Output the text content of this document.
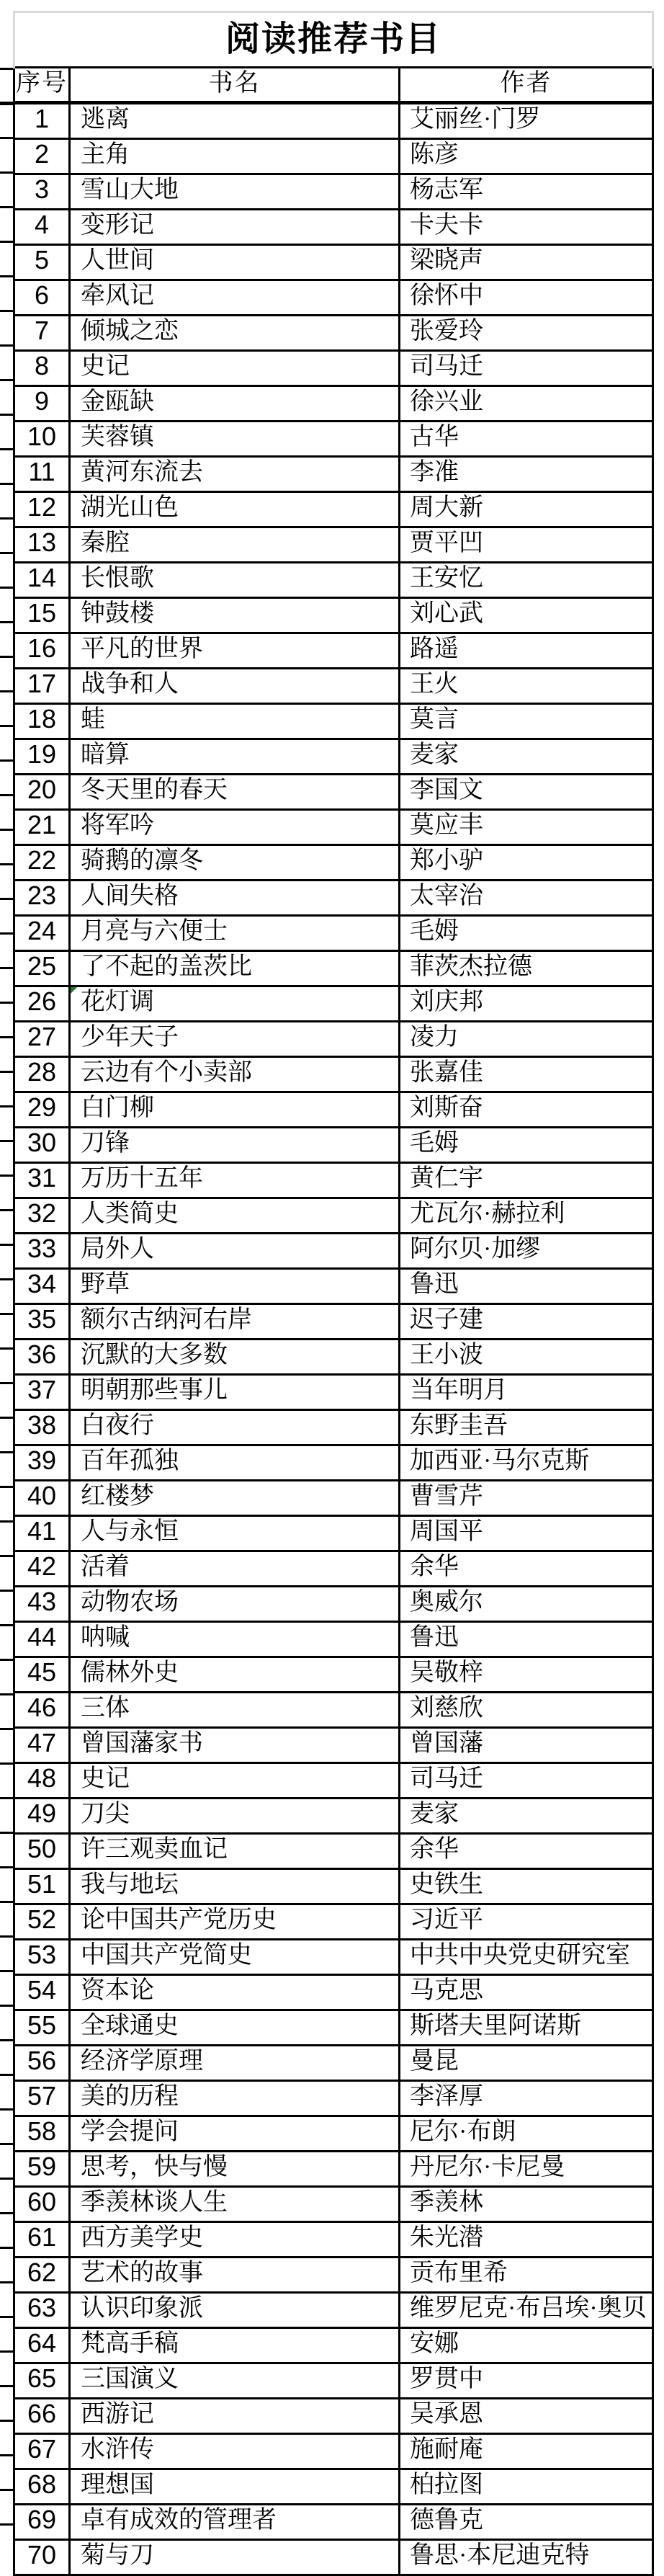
阅读推荐书目		
序号	书名	作者
1	逃离	艾丽丝·门罗
2	主角	陈彦
3	雪山大地	杨志军
4	变形记	卡夫卡
5	人世间	梁晓声
6	牵风记	徐怀中
7	倾城之恋	张爱玲
8	史记	司马迁
9	金瓯缺	徐兴业
10	芙蓉镇	古华
11	黄河东流去	李准
12	湖光山色	周大新
13	秦腔	贾平凹
14	长恨歌	王安忆
15	钟鼓楼	刘心武
16	平凡的世界	路遥
17	战争和人	王火
18	蛙	莫言
19	暗算	麦家
20	冬天里的春天	李国文
21	将军吟	莫应丰
22	骑鹅的凛冬	郑小驴
23	人间失格	太宰治
24	月亮与六便士	毛姆
25	了不起的盖茨比	菲茨杰拉德
26	花灯调	刘庆邦
27	少年天子	凌力
28	云边有个小卖部	张嘉佳
29	白门柳	刘斯奋
30	刀锋	毛姆
31	万历十五年	黄仁宇
32	人类简史	尤瓦尔·赫拉利
33	局外人	阿尔贝·加缪
34	野草	鲁迅
35	额尔古纳河右岸	迟子建
36	沉默的大多数	王小波
37	明朝那些事儿	当年明月
38	白夜行	东野圭吾
39	百年孤独	加西亚·马尔克斯
40	红楼梦	曹雪芹
41	人与永恒	周国平
42	活着	余华
43	动物农场	奥威尔
44	呐喊	鲁迅
45	儒林外史	吴敬梓
46	三体	刘慈欣
47	曾国藩家书	曾国藩
48	史记	司马迁
49	刀尖	麦家
50	许三观卖血记	余华
51	我与地坛	史铁生
52	论中国共产党历史	习近平
53	中国共产党简史	中共中央党史研究室
54	资本论	马克思
55	全球通史	斯塔夫里阿诺斯
56	经济学原理	曼昆
57	美的历程	李泽厚
58	学会提问	尼尔·布朗
59	思考，快与慢	丹尼尔·卡尼曼
60	季羡林谈人生	季羡林
61	西方美学史	朱光潜
62	艺术的故事	贡布里希
63	认识印象派	维罗尼克·布吕埃·奥贝
64	梵高手稿	安娜
65	三国演义	罗贯中
66	西游记	吴承恩
67	水浒传	施耐庵
68	理想国	柏拉图
69	卓有成效的管理者	德鲁克
70	菊与刀	鲁思·本尼迪克特
